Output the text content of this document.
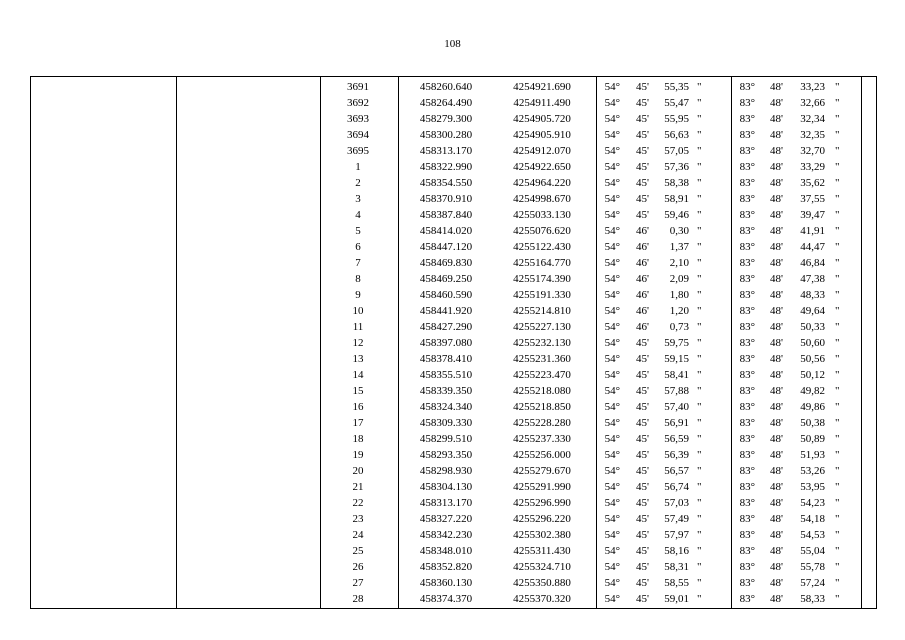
108
3691	458260.640	4254921.690	54°	45'	55,35 "	83°	48'	33,23 "
3692	458264.490	4254911.490	54°	45'	55,47 "	83°	48'	32,66 "
3693	458279.300	4254905.720	54°	45'	55,95 "	83°	48'	32,34 "
3694	458300.280	4254905.910	54°	45'	56,63 "	83°	48'	32,35 "
3695	458313.170	4254912.070	54°	45'	57,05 "	83°	48'	32,70 "
1	458322.990	4254922.650	54°	45'	57,36 "	83°	48'	33,29 "
2	458354.550	4254964.220	54°	45'	58,38 "	83°	48'	35,62 "
3	458370.910	4254998.670	54°	45'	58,91 "	83°	48'	37,55 "
4	458387.840	4255033.130	54°	45'	59,46 "	83°	48'	39,47 "
5	458414.020	4255076.620	54°	46'	0,30 "	83°	48'	41,91 "
6	458447.120	4255122.430	54°	46'	1,37 "	83°	48'	44,47 "
7	458469.830	4255164.770	54°	46'	2,10 "	83°	48'	46,84 "
8	458469.250	4255174.390	54°	46'	2,09 "	83°	48'	47,38 "
9	458460.590	4255191.330	54°	46'	1,80 "	83°	48'	48,33 "
10	458441.920	4255214.810	54°	46'	1,20 "	83°	48'	49,64 "
11	458427.290	4255227.130	54°	46'	0,73 "	83°	48'	50,33 "
12	458397.080	4255232.130	54°	45'	59,75 "	83°	48'	50,60 "
13	458378.410	4255231.360	54°	45'	59,15 "	83°	48'	50,56 "
14	458355.510	4255223.470	54°	45'	58,41 "	83°	48'	50,12 "
15	458339.350	4255218.080	54°	45'	57,88 "	83°	48'	49,82 "
16	458324.340	4255218.850	54°	45'	57,40 "	83°	48'	49,86 "
17	458309.330	4255228.280	54°	45'	56,91 "	83°	48'	50,38 "
18	458299.510	4255237.330	54°	45'	56,59 "	83°	48'	50,89 "
19	458293.350	4255256.000	54°	45'	56,39 "	83°	48'	51,93 "
20	458298.930	4255279.670	54°	45'	56,57 "	83°	48'	53,26 "
21	458304.130	4255291.990	54°	45'	56,74 "	83°	48'	53,95 "
22	458313.170	4255296.990	54°	45'	57,03 "	83°	48'	54,23 "
23	458327.220	4255296.220	54°	45'	57,49 "	83°	48'	54,18 "
24	458342.230	4255302.380	54°	45'	57,97 "	83°	48'	54,53 "
25	458348.010	4255311.430	54°	45'	58,16 "	83°	48'	55,04 "
26	458352.820	4255324.710	54°	45'	58,31 "	83°	48'	55,78 "
27	458360.130	4255350.880	54°	45'	58,55 "	83°	48'	57,24 "
28	458374.370	4255370.320	54°	45'	59,01 "	83°	48'	58,33 "
